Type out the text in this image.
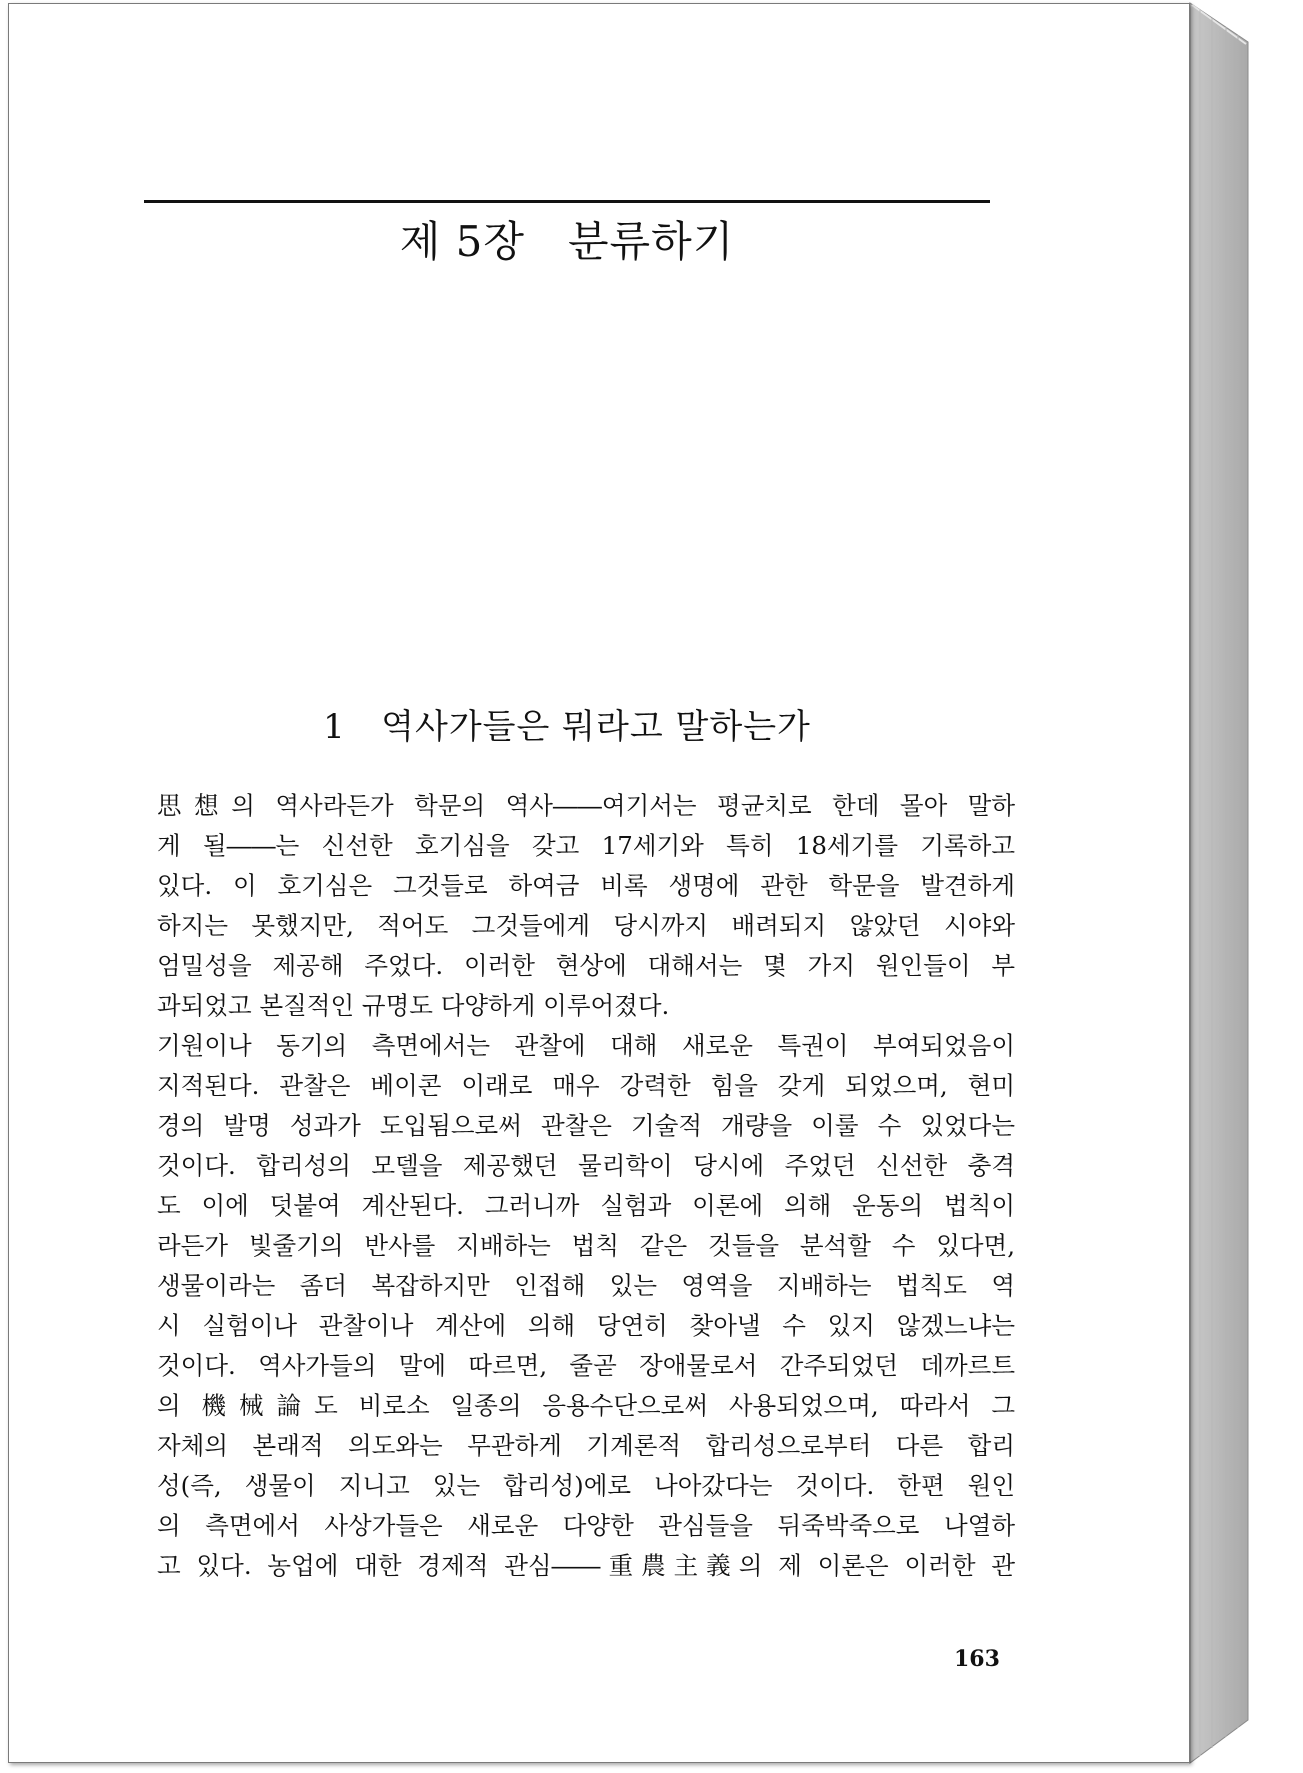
제 5장   분류하기
1   역사가들은 뭐라고 말하는가
思想의 역사라든가 학문의 역사――여기서는 평균치로 한데 몰아 말하
게 될――는 신선한 호기심을 갖고 17세기와 특히 18세기를 기록하고
있다. 이 호기심은 그것들로 하여금 비록 생명에 관한 학문을 발견하게
하지는 못했지만, 적어도 그것들에게 당시까지 배려되지 않았던 시야와
엄밀성을 제공해 주었다. 이러한 현상에 대해서는 몇 가지 원인들이 부
과되었고 본질적인 규명도 다양하게 이루어졌다.
기원이나 동기의 측면에서는 관찰에 대해 새로운 특권이 부여되었음이
지적된다. 관찰은 베이콘 이래로 매우 강력한 힘을 갖게 되었으며, 현미
경의 발명 성과가 도입됨으로써 관찰은 기술적 개량을 이룰 수 있었다는
것이다. 합리성의 모델을 제공했던 물리학이 당시에 주었던 신선한 충격
도 이에 덧붙여 계산된다. 그러니까 실험과 이론에 의해 운동의 법칙이
라든가 빛줄기의 반사를 지배하는 법칙 같은 것들을 분석할 수 있다면,
생물이라는 좀더 복잡하지만 인접해 있는 영역을 지배하는 법칙도 역
시 실험이나 관찰이나 계산에 의해 당연히 찾아낼 수 있지 않겠느냐는
것이다. 역사가들의 말에 따르면, 줄곧 장애물로서 간주되었던 데까르트
의 機械論도 비로소 일종의 응용수단으로써 사용되었으며, 따라서 그
자체의 본래적 의도와는 무관하게 기계론적 합리성으로부터 다른 합리
성(즉, 생물이 지니고 있는 합리성)에로 나아갔다는 것이다. 한편 원인
의 측면에서 사상가들은 새로운 다양한 관심들을 뒤죽박죽으로 나열하
고 있다. 농업에 대한 경제적 관심――重農主義의 제 이론은 이러한 관
163
